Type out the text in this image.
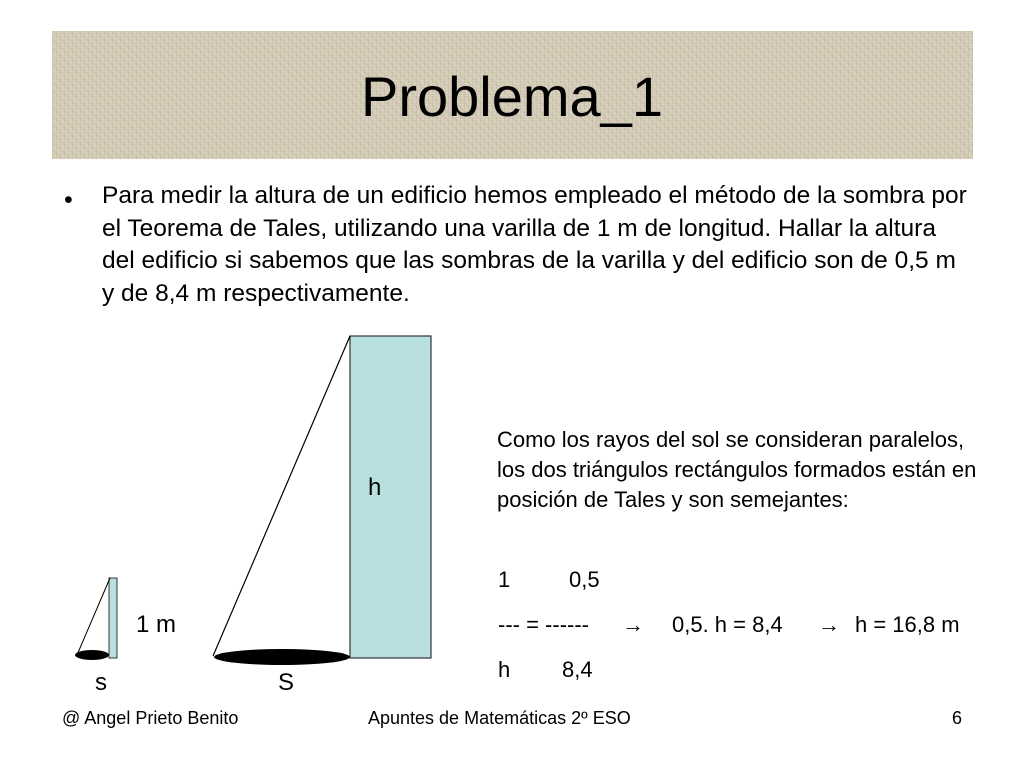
Problema_1
• Para medir la altura de un edificio hemos empleado el método de la sombra por el Teorema de Tales, utilizando una varilla de 1 m de longitud. Hallar la altura del edificio si sabemos que las sombras de la varilla y del edificio son de 0,5 m y de 8,4 m respectivamente.

h
1 m
s	S

Como los rayos del sol se consideran paralelos, los dos triángulos rectángulos formados están en posición de Tales y son semejantes:

1	0,5
--- = ------ → 0,5. h = 8,4 → h = 16,8 m
h 8,4
@ Angel Prieto Benito	Apuntes de Matemáticas 2º ESO	6
